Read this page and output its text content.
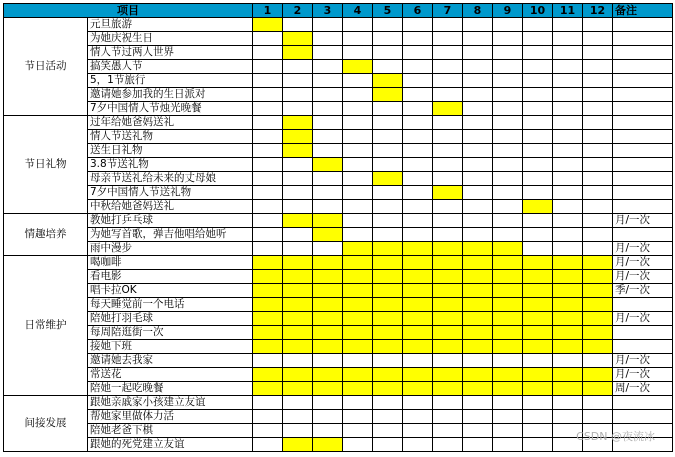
项目		1	2	3	4	5	6	7	8	9	10	11	12	备注
节日活动	元旦旅游													
	为她庆祝生日													
	情人节过两人世界													
	搞笑愚人节													
	5，1节旅行													
	邀请她参加我的生日派对													
	7夕中国情人节烛光晚餐													
节日礼物	过年给她爸妈送礼													
	情人节送礼物													
	送生日礼物													
	3.8节送礼物													
	母亲节送礼给未来的丈母娘													
	7夕中国情人节送礼物													
	中秋给她爸妈送礼													
情趣培养	教她打乒乓球													月/一次
	为她写首歌，弹吉他唱给她听													
	雨中漫步													月/一次
日常维护	喝咖啡													月/一次
	看电影													月/一次
	唱卡拉OK													季/一次
	每天睡觉前一个电话													
	陪她打羽毛球													月/一次
	每周陪逛街一次													
	接她下班													
	邀请她去我家													月/一次
	常送花													月/一次
	陪她一起吃晚餐													周/一次
间接发展	跟她亲戚家小孩建立友谊													
	帮她家里做体力活													
	陪她老爸下棋													
	跟她的死党建立友谊													
CSDN @夜流冰
